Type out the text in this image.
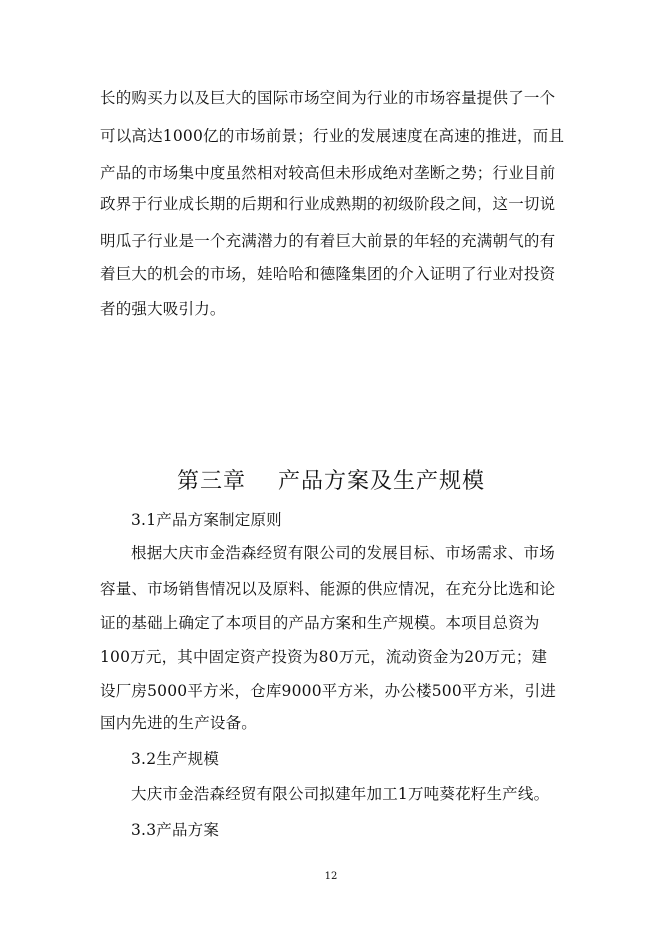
长的购买力以及巨大的国际市场空间为行业的市场容量提供了一个
可以高达1000亿的市场前景；行业的发展速度在高速的推进，而且
产品的市场集中度虽然相对较高但未形成绝对垄断之势；行业目前
政界于行业成长期的后期和行业成熟期的初级阶段之间，这一切说
明瓜子行业是一个充满潜力的有着巨大前景的年轻的充满朝气的有
着巨大的机会的市场，娃哈哈和德隆集团的介入证明了行业对投资
者的强大吸引力。
第三章    产品方案及生产规模
3.1产品方案制定原则
根据大庆市金浩森经贸有限公司的发展目标、市场需求、市场
容量、市场销售情况以及原料、能源的供应情况，在充分比选和论
证的基础上确定了本项目的产品方案和生产规模。本项目总资为
100万元，其中固定资产投资为80万元，流动资金为20万元；建
设厂房5000平方米，仓库9000平方米，办公楼500平方米，引进
国内先进的生产设备。
3.2生产规模
大庆市金浩森经贸有限公司拟建年加工1万吨葵花籽生产线。
3.3产品方案
12
